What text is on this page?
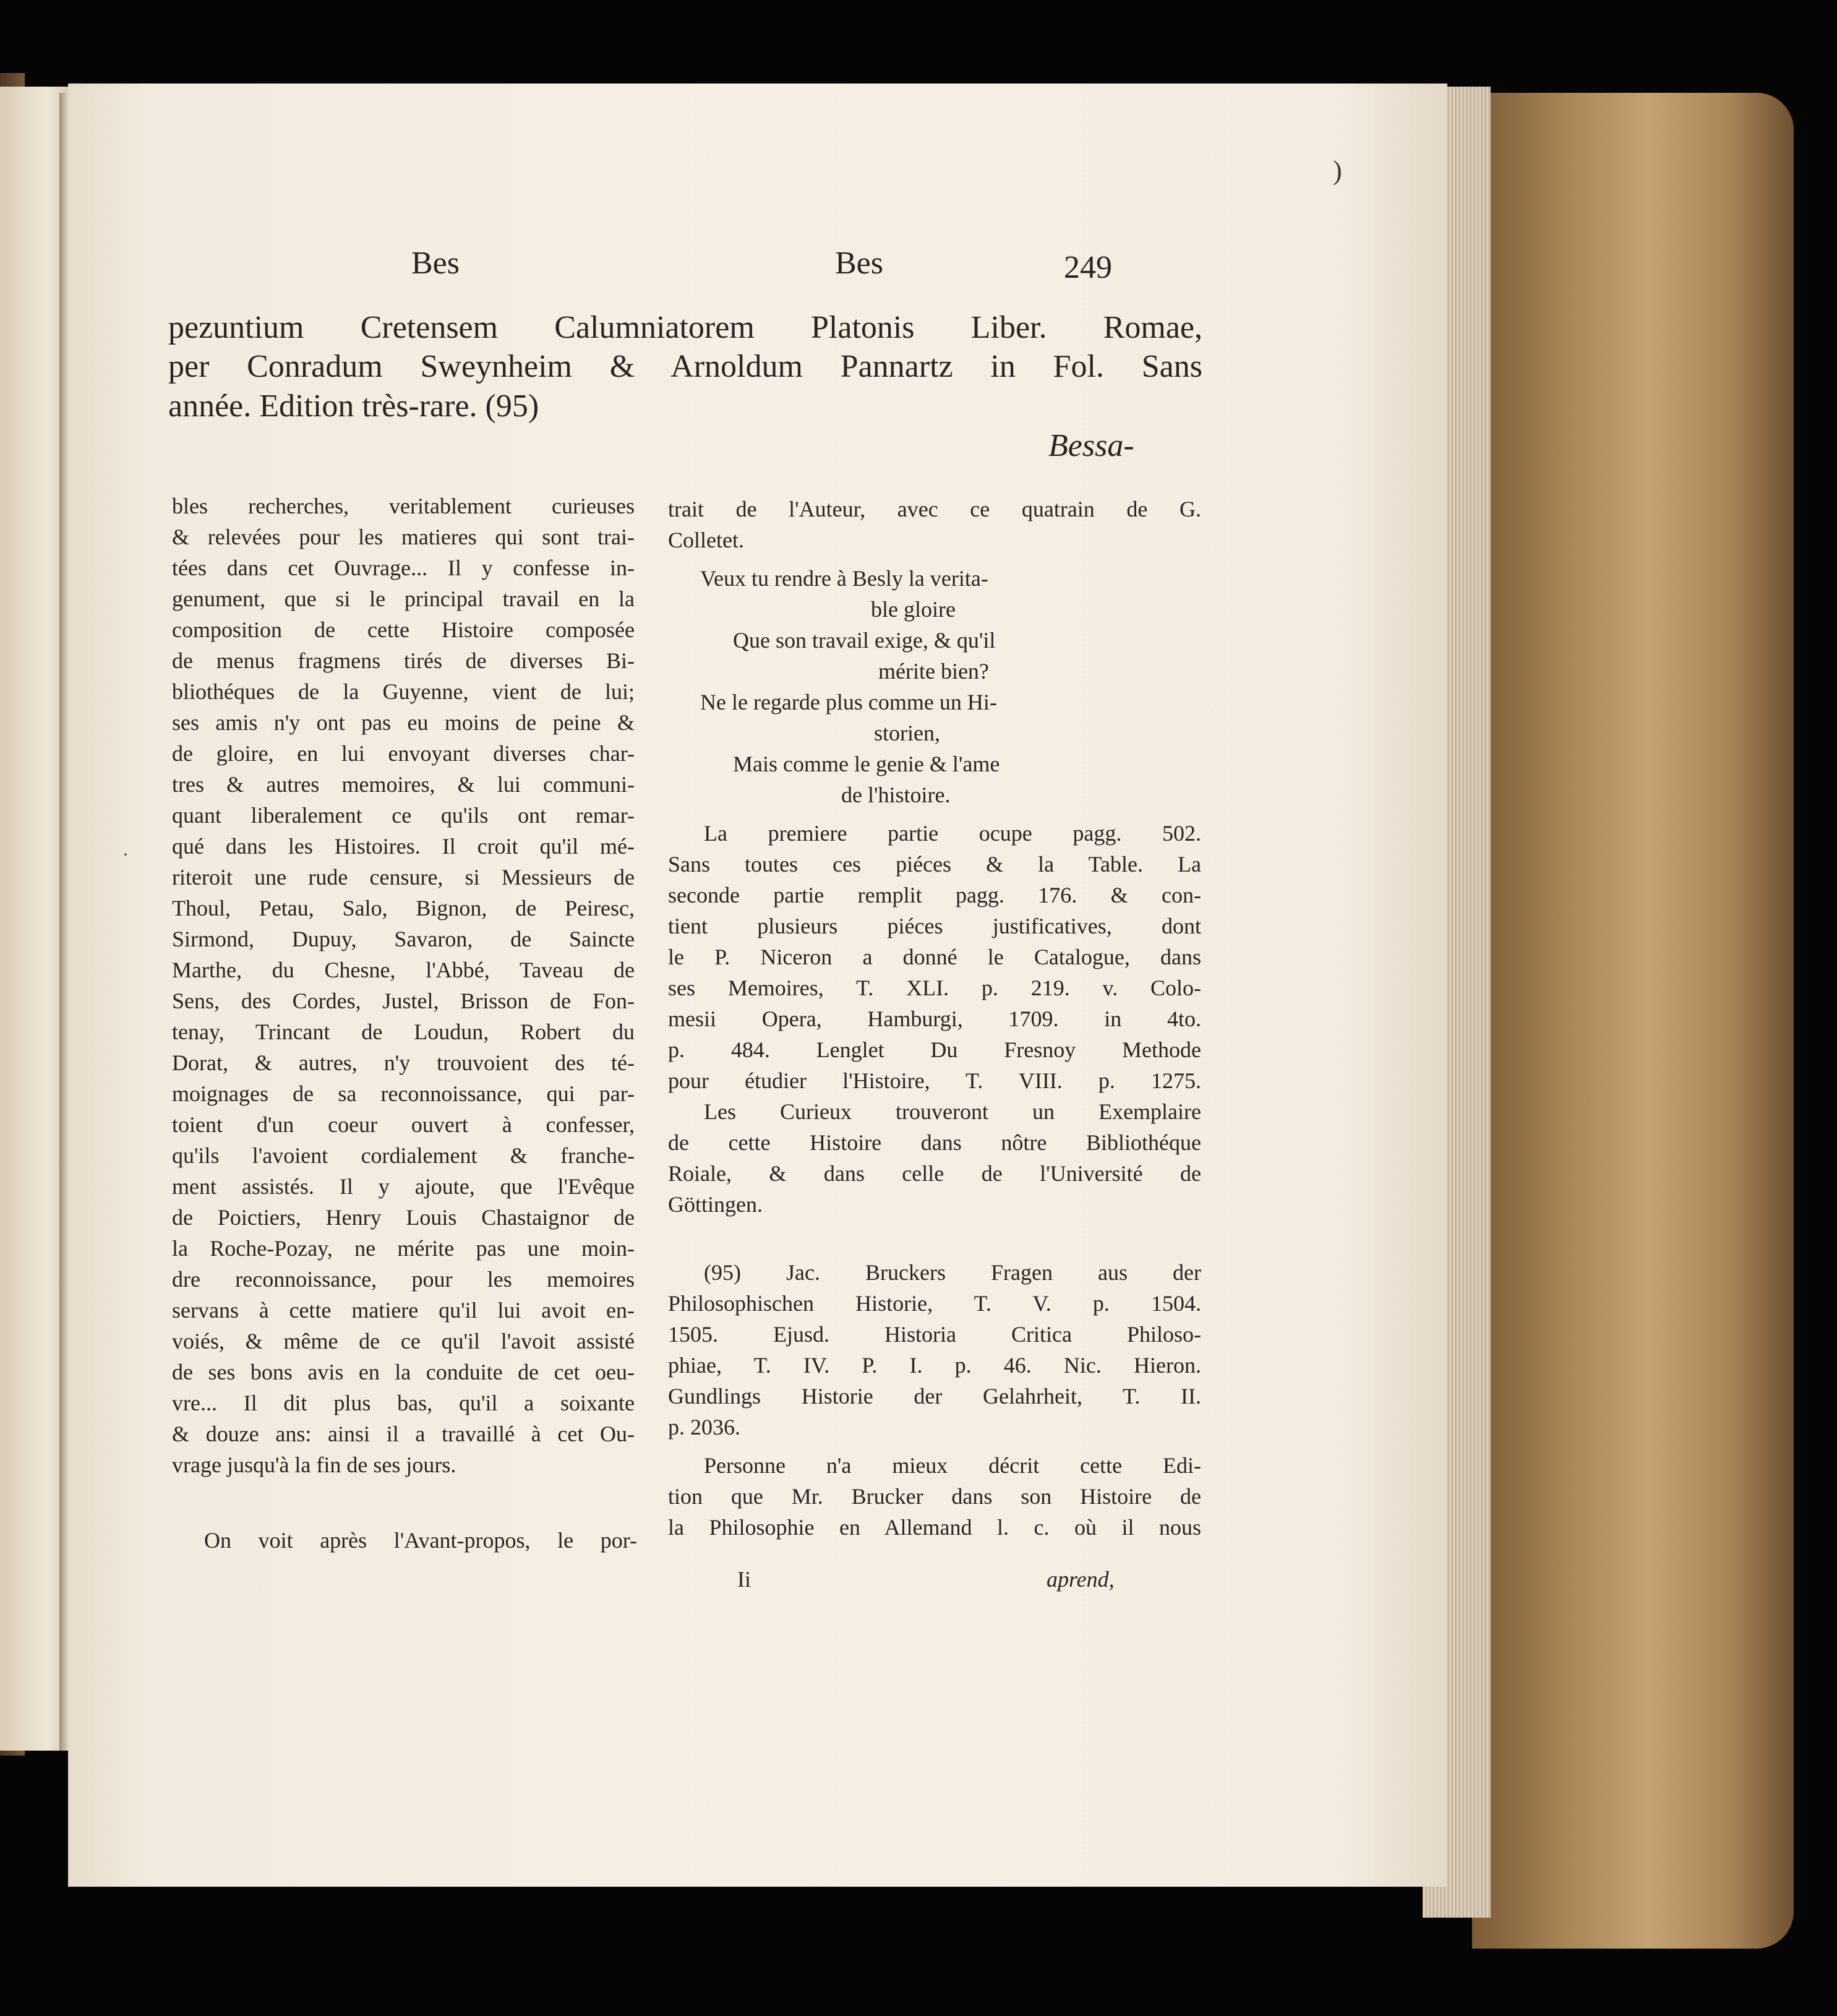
Bes	Bes	249
pezuntium Cretensem Calumniatorem Platonis Liber. Romae,
per Conradum Sweynheim & Arnoldum Pannartz in Fol. Sans
année. Edition très-rare. (95)
Bessa-
bles recherches, veritablement curieuses
& relevées pour les matieres qui sont trai-
tées dans cet Ouvrage... Il y confesse in-
genument, que si le principal travail en la
composition de cette Histoire composée
de menus fragmens tirés de diverses Bi-
bliothéques de la Guyenne, vient de lui;
ses amis n'y ont pas eu moins de peine &
de gloire, en lui envoyant diverses char-
tres & autres memoires, & lui communi-
quant liberalement ce qu'ils ont remar-
qué dans les Histoires. Il croit qu'il mé-
riteroit une rude censure, si Messieurs de
Thoul, Petau, Salo, Bignon, de Peiresc,
Sirmond, Dupuy, Savaron, de Saincte
Marthe, du Chesne, l'Abbé, Taveau de
Sens, des Cordes, Justel, Brisson de Fon-
tenay, Trincant de Loudun, Robert du
Dorat, & autres, n'y trouvoient des té-
moignages de sa reconnoissance, qui par-
toient d'un coeur ouvert à confesser,
qu'ils l'avoient cordialement & franche-
ment assistés. Il y ajoute, que l'Evêque
de Poictiers, Henry Louis Chastaignor de
la Roche-Pozay, ne mérite pas une moin-
dre reconnoissance, pour les memoires
servans à cette matiere qu'il lui avoit en-
voiés, & même de ce qu'il l'avoit assisté
de ses bons avis en la conduite de cet oeu-
vre... Il dit plus bas, qu'il a soixante
& douze ans: ainsi il a travaillé à cet Ou-
vrage jusqu'à la fin de ses jours.
On voit après l'Avant-propos, le por-
trait de l'Auteur, avec ce quatrain de G.
Colletet.
Veux tu rendre à Besly la verita-
ble gloire
Que son travail exige, & qu'il
mérite bien?
Ne le regarde plus comme un Hi-
storien,
Mais comme le genie & l'ame
de l'histoire.
La premiere partie ocupe pagg. 502.
Sans toutes ces piéces & la Table. La
seconde partie remplit pagg. 176. & con-
tient plusieurs piéces justificatives, dont
le P. Niceron a donné le Catalogue, dans
ses Memoires, T. XLI. p. 219. v. Colo-
mesii Opera, Hamburgi, 1709. in 4to.
p. 484. Lenglet Du Fresnoy Methode
pour étudier l'Histoire, T. VIII. p. 1275.
Les Curieux trouveront un Exemplaire
de cette Histoire dans nôtre Bibliothéque
Roiale, & dans celle de l'Université de
Göttingen.
(95) Jac. Bruckers Fragen aus der
Philosophischen Historie, T. V. p. 1504.
1505. Ejusd. Historia Critica Philoso-
phiae, T. IV. P. I. p. 46. Nic. Hieron.
Gundlings Historie der Gelahrheit, T. II.
p. 2036.
Personne n'a mieux décrit cette Edi-
tion que Mr. Brucker dans son Histoire de
la Philosophie en Allemand l. c. où il nous
Ii	aprend,
)
·
